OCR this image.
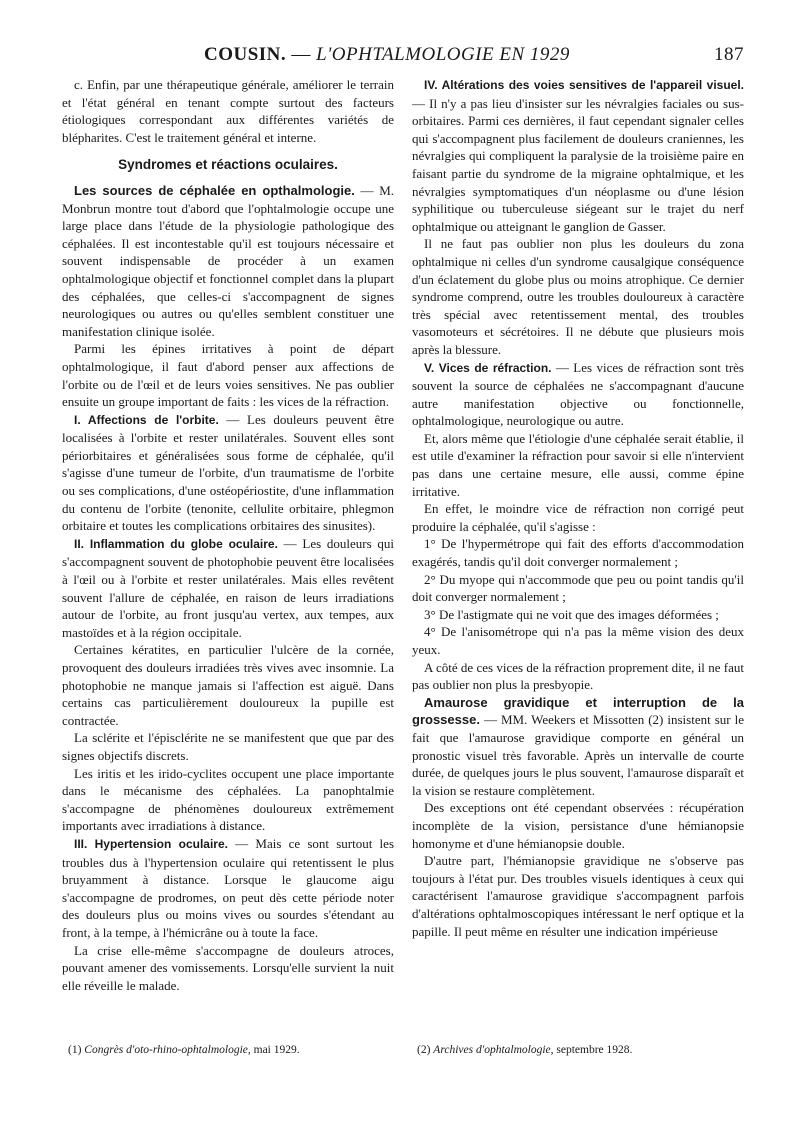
COUSIN. — L'OPHTALMOLOGIE EN 1929	187

c. Enfin, par une thérapeutique générale, améliorer le terrain et l'état général en tenant compte surtout des facteurs étiologiques correspondant aux différentes variétés de blépharites. C'est le traitement général et interne.

Syndromes et réactions oculaires.

Les sources de céphalée en opthalmologie. — M. Monbrun montre tout d'abord que l'ophtalmologie occupe une large place dans l'étude de la physiologie pathologique des céphalées. Il est incontestable qu'il est toujours nécessaire et souvent indispensable de procéder à un examen ophtalmologique objectif et fonctionnel complet dans la plupart des céphalées, que celles-ci s'accompagnent de signes neurologiques ou autres ou qu'elles semblent constituer une manifestation clinique isolée.

Parmi les épines irritatives à point de départ ophtalmologique, il faut d'abord penser aux affections de l'orbite ou de l'œil et de leurs voies sensitives. Ne pas oublier ensuite un groupe important de faits : les vices de la réfraction.

I. Affections de l'orbite. — Les douleurs peuvent être localisées à l'orbite et rester unilatérales. Souvent elles sont périorbitaires et généralisées sous forme de céphalée, qu'il s'agisse d'une tumeur de l'orbite, d'un traumatisme de l'orbite ou ses complications, d'une ostéopériostite, d'une inflammation du contenu de l'orbite (tenonite, cellulite orbitaire, phlegmon orbitaire et toutes les complications orbitaires des sinusites).

II. Inflammation du globe oculaire. — Les douleurs qui s'accompagnent souvent de photophobie peuvent être localisées à l'œil ou à l'orbite et rester unilatérales. Mais elles revêtent souvent l'allure de céphalée, en raison de leurs irradiations autour de l'orbite, au front jusqu'au vertex, aux tempes, aux mastoïdes et à la région occipitale.

Certaines kératites, en particulier l'ulcère de la cornée, provoquent des douleurs irradiées très vives avec insomnie. La photophobie ne manque jamais si l'affection est aiguë. Dans certains cas particulièrement douloureux la pupille est contractée.

La sclérite et l'épisclérite ne se manifestent que que par des signes objectifs discrets.

Les iritis et les irido-cyclites occupent une place importante dans le mécanisme des céphalées. La panophtalmie s'accompagne de phénomènes douloureux extrêmement importants avec irradiations à distance.

III. Hypertension oculaire. — Mais ce sont surtout les troubles dus à l'hypertension oculaire qui retentissent le plus bruyamment à distance. Lorsque le glaucome aigu s'accompagne de prodromes, on peut dès cette période noter des douleurs plus ou moins vives ou sourdes s'étendant au front, à la tempe, à l'hémicrâne ou à toute la face.

La crise elle-même s'accompagne de douleurs atroces, pouvant amener des vomissements. Lorsqu'elle survient la nuit elle réveille le malade.

IV. Altérations des voies sensitives de l'appareil visuel. — Il n'y a pas lieu d'insister sur les névralgies faciales ou sus-orbitaires. Parmi ces dernières, il faut cependant signaler celles qui s'accompagnent plus facilement de douleurs craniennes, les névralgies qui compliquent la paralysie de la troisième paire en faisant partie du syndrome de la migraine ophtalmique, et les névralgies symptomatiques d'un néoplasme ou d'une lésion syphilitique ou tuberculeuse siégeant sur le trajet du nerf ophtalmique ou atteignant le ganglion de Gasser.

Il ne faut pas oublier non plus les douleurs du zona ophtalmique ni celles d'un syndrome causalgique conséquence d'un éclatement du globe plus ou moins atrophique. Ce dernier syndrome comprend, outre les troubles douloureux à caractère très spécial avec retentissement mental, des troubles vasomoteurs et sécrétoires. Il ne débute que plusieurs mois après la blessure.

V. Vices de réfraction. — Les vices de réfraction sont très souvent la source de céphalées ne s'accompagnant d'aucune autre manifestation objective ou fonctionnelle, ophtalmologique, neurologique ou autre.

Et, alors même que l'étiologie d'une céphalée serait établie, il est utile d'examiner la réfraction pour savoir si elle n'intervient pas dans une certaine mesure, elle aussi, comme épine irritative.

En effet, le moindre vice de réfraction non corrigé peut produire la céphalée, qu'il s'agisse :

1° De l'hypermétrope qui fait des efforts d'accommodation exagérés, tandis qu'il doit converger normalement ;

2° Du myope qui n'accommode que peu ou point tandis qu'il doit converger normalement ;

3° De l'astigmate qui ne voit que des images déformées ;

4° De l'anisométrope qui n'a pas la même vision des deux yeux.

A côté de ces vices de la réfraction proprement dite, il ne faut pas oublier non plus la presbyopie.

Amaurose gravidique et interruption de la grossesse. — MM. Weekers et Missotten (2) insistent sur le fait que l'amaurose gravidique comporte en général un pronostic visuel très favorable. Après un intervalle de courte durée, de quelques jours le plus souvent, l'amaurose disparaît et la vision se restaure complètement.

Des exceptions ont été cependant observées : récupération incomplète de la vision, persistance d'une hémianopsie homonyme et d'une hémianopsie double.

D'autre part, l'hémianopsie gravidique ne s'observe pas toujours à l'état pur. Des troubles visuels identiques à ceux qui caractérisent l'amaurose gravidique s'accompagnent parfois d'altérations ophtalmoscopiques intéressant le nerf optique et la papille. Il peut même en résulter une indication impérieuse

(1) Congrès d'oto-rhino-ophtalmologie, mai 1929.	(2) Archives d'ophtalmologie, septembre 1928.
